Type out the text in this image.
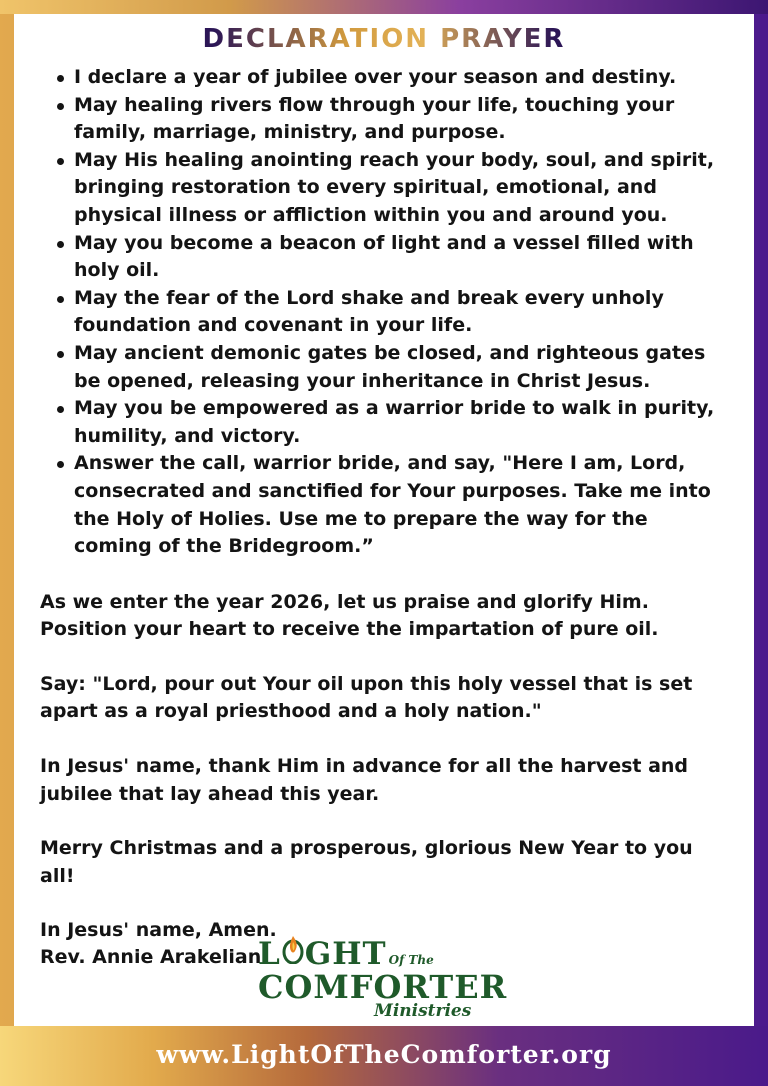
DECLARATION PRAYER
I declare a year of jubilee over your season and destiny.
May healing rivers flow through your life, touching your family, marriage, ministry, and purpose.
May His healing anointing reach your body, soul, and spirit, bringing restoration to every spiritual, emotional, and physical illness or affliction within you and around you.
May you become a beacon of light and a vessel filled with holy oil.
May the fear of the Lord shake and break every unholy foundation and covenant in your life.
May ancient demonic gates be closed, and righteous gates be opened, releasing your inheritance in Christ Jesus.
May you be empowered as a warrior bride to walk in purity, humility, and victory.
Answer the call, warrior bride, and say, "Here I am, Lord, consecrated and sanctified for Your purposes. Take me into the Holy of Holies. Use me to prepare the way for the coming of the Bridegroom.”

As we enter the year 2026, let us praise and glorify Him. Position your heart to receive the impartation of pure oil.

Say: "Lord, pour out Your oil upon this holy vessel that is set apart as a royal priesthood and a holy nation."

In Jesus' name, thank Him in advance for all the harvest and jubilee that lay ahead this year.

Merry Christmas and a prosperous, glorious New Year to you all!

In Jesus' name, Amen.

Rev. Annie Arakelian

L GHT Of The
COMFORTER
Ministries
www.LightOfTheComforter.org
